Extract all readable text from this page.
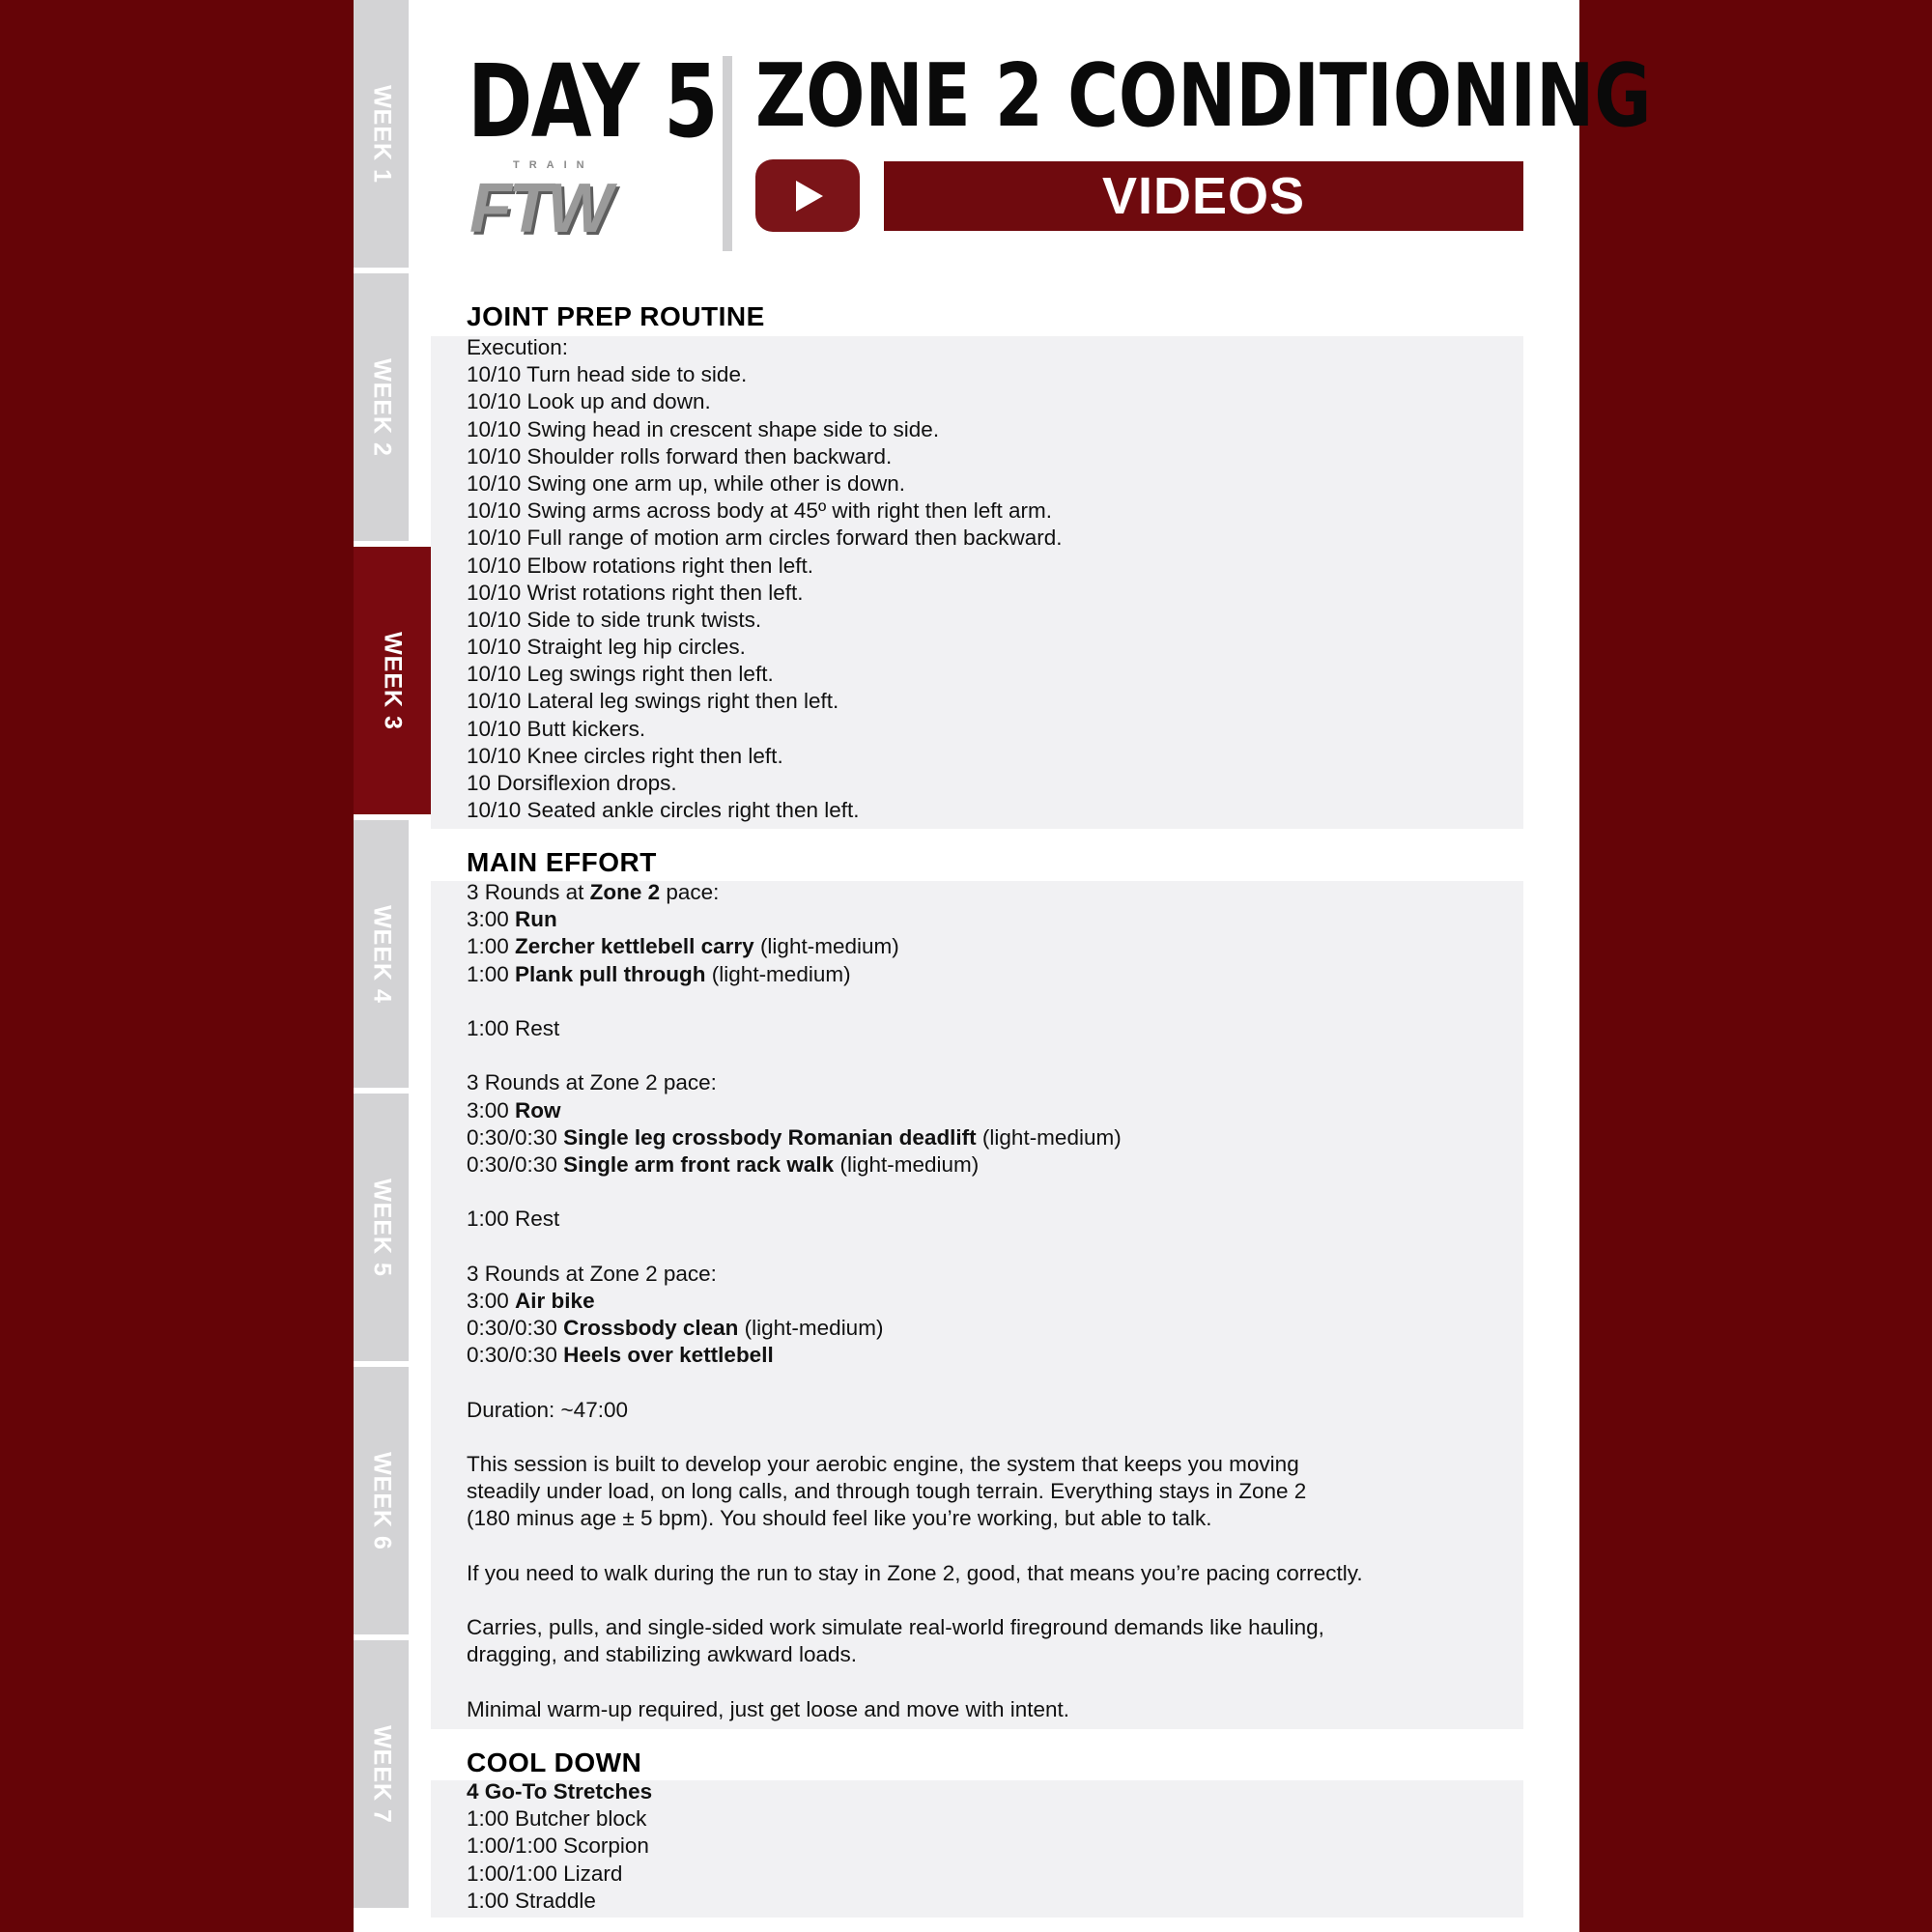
WEEK 1
WEEK 2
WEEK 3
WEEK 4
WEEK 5
WEEK 6
WEEK 7
DAY 5
TRAIN
FTW
ZONE 2 CONDITIONING
VIDEOS
JOINT PREP ROUTINE
Execution:
10/10 Turn head side to side.
10/10 Look up and down.
10/10 Swing head in crescent shape side to side.
10/10 Shoulder rolls forward then backward.
10/10 Swing one arm up, while other is down.
10/10 Swing arms across body at 45º with right then left arm.
10/10 Full range of motion arm circles forward then backward.
10/10 Elbow rotations right then left.
10/10 Wrist rotations right then left.
10/10 Side to side trunk twists.
10/10 Straight leg hip circles.
10/10 Leg swings right then left.
10/10 Lateral leg swings right then left.
10/10 Butt kickers.
10/10 Knee circles right then left.
10 Dorsiflexion drops.
10/10 Seated ankle circles right then left.
MAIN EFFORT
3 Rounds at Zone 2 pace:
3:00 Run
1:00 Zercher kettlebell carry (light-medium)
1:00 Plank pull through (light-medium)
1:00 Rest
3 Rounds at Zone 2 pace:
3:00 Row
0:30/0:30 Single leg crossbody Romanian deadlift (light-medium)
0:30/0:30 Single arm front rack walk (light-medium)
1:00 Rest
3 Rounds at Zone 2 pace:
3:00 Air bike
0:30/0:30 Crossbody clean (light-medium)
0:30/0:30 Heels over kettlebell
Duration: ~47:00
This session is built to develop your aerobic engine, the system that keeps you moving
steadily under load, on long calls, and through tough terrain. Everything stays in Zone 2
(180 minus age ± 5 bpm). You should feel like you’re working, but able to talk.
If you need to walk during the run to stay in Zone 2, good, that means you’re pacing correctly.
Carries, pulls, and single-sided work simulate real-world fireground demands like hauling,
dragging, and stabilizing awkward loads.
Minimal warm-up required, just get loose and move with intent.
COOL DOWN
4 Go-To Stretches
1:00 Butcher block
1:00/1:00 Scorpion
1:00/1:00 Lizard
1:00 Straddle
